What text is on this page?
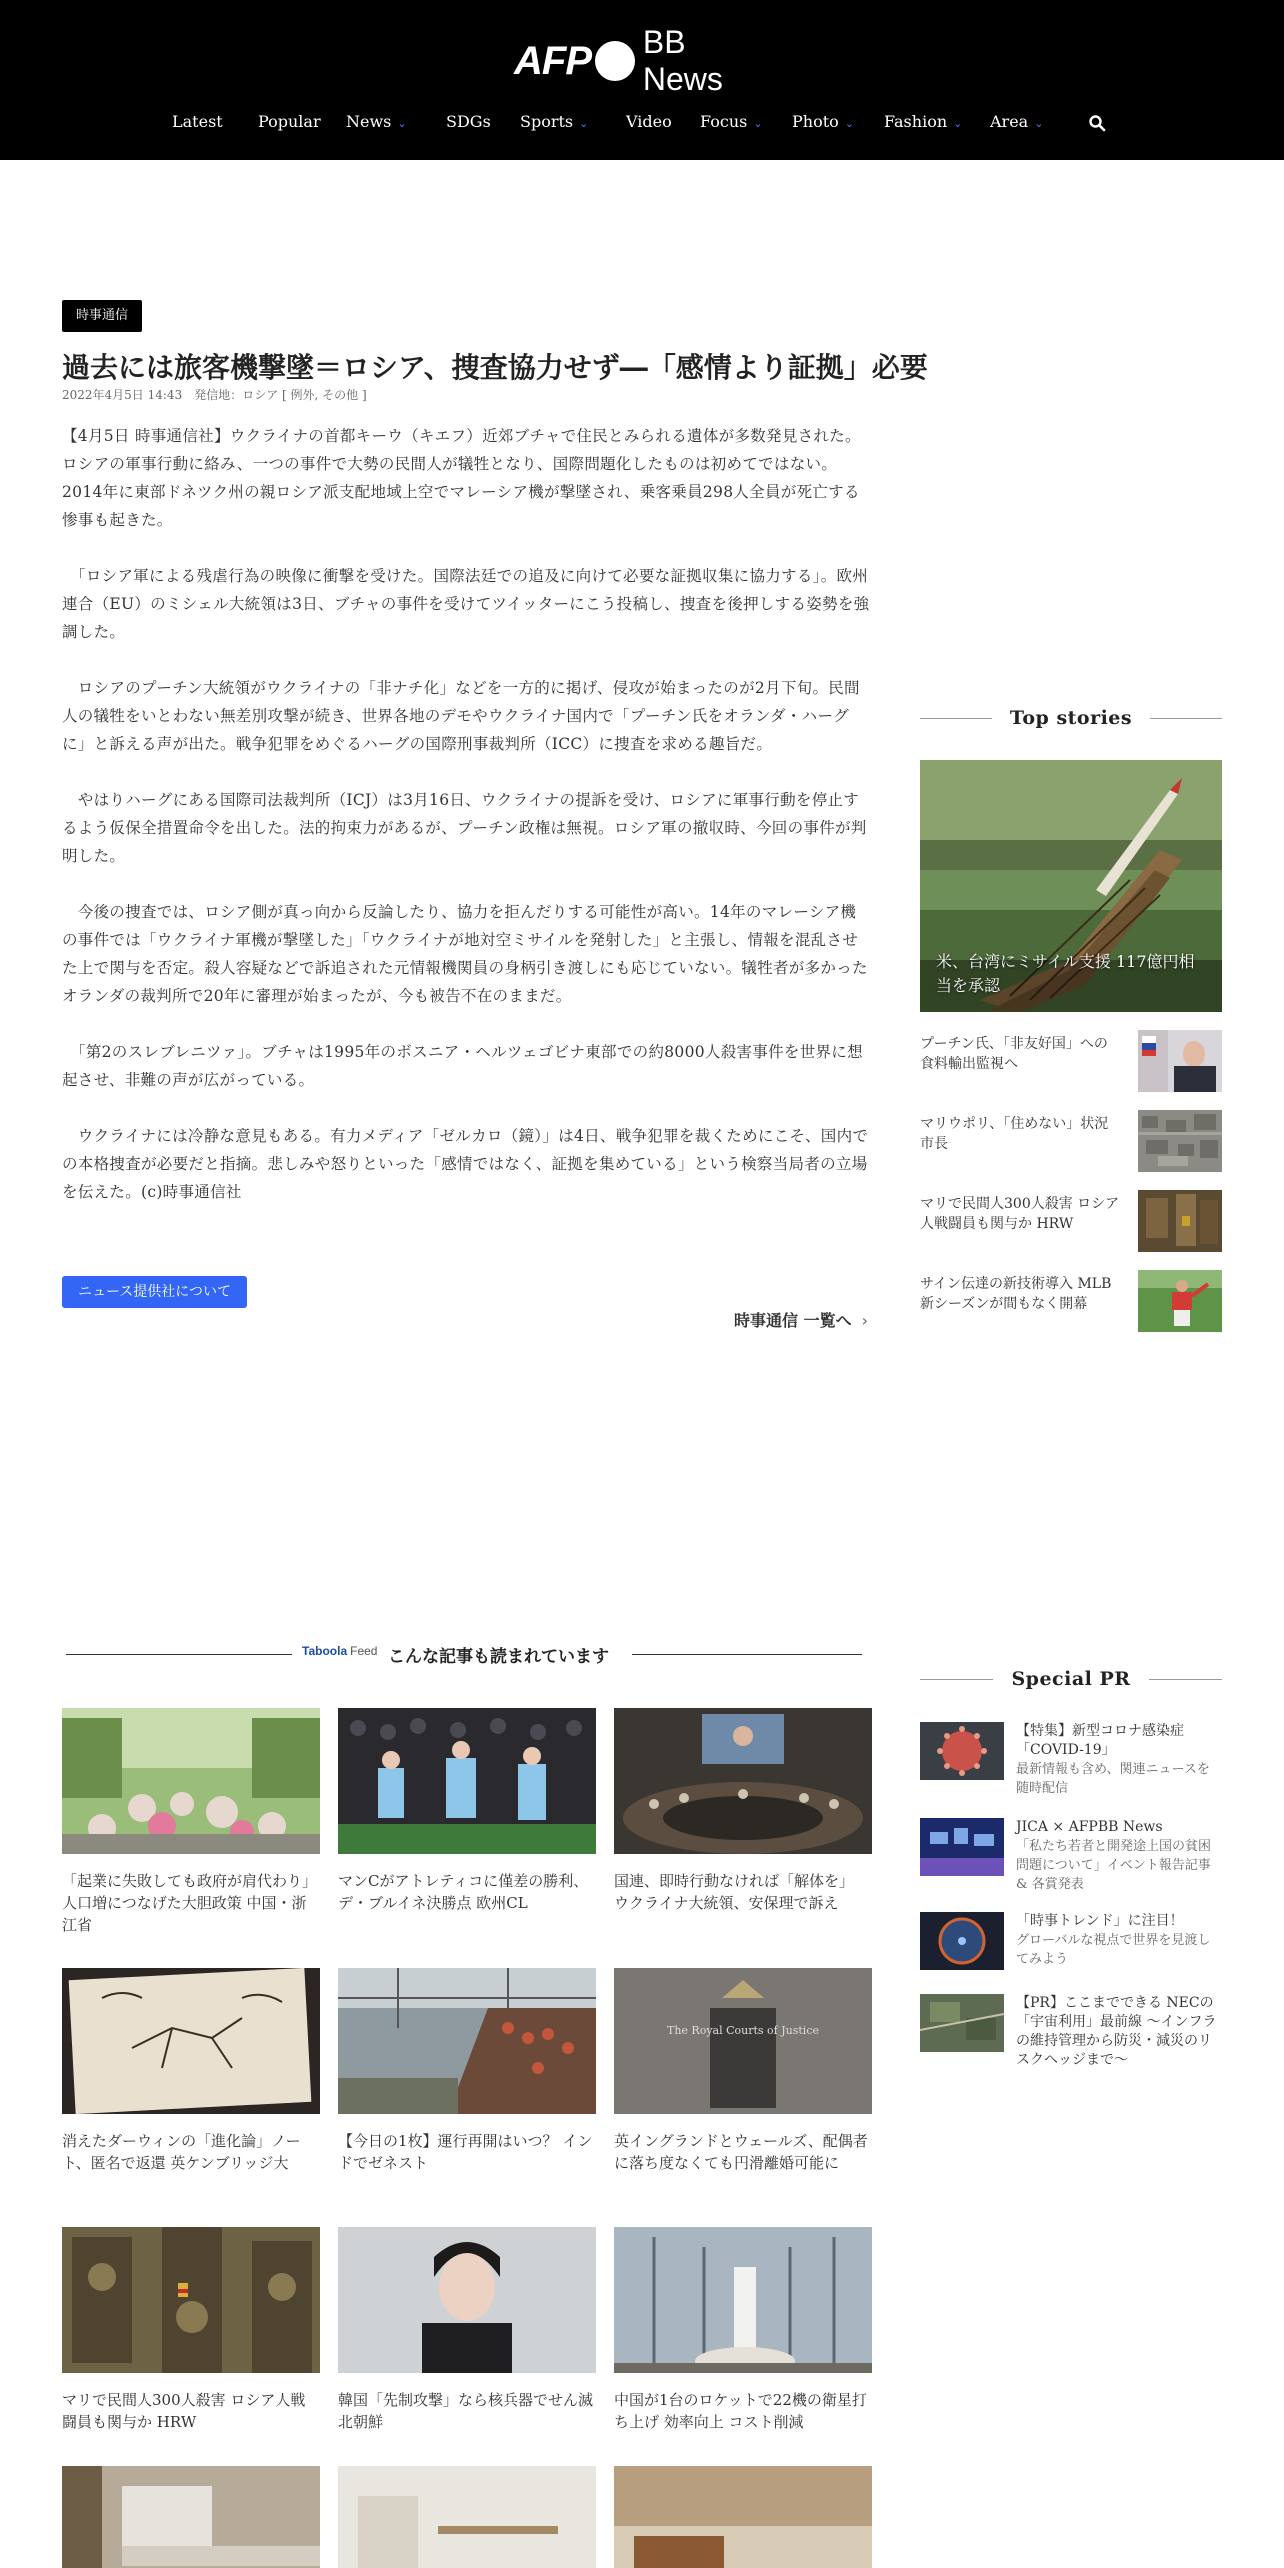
AFP BB News
Latest Popular News ⌄ SDGs Sports ⌄ Video Focus ⌄ Photo ⌄ Fashion ⌄ Area ⌄
時事通信
過去には旅客機撃墜＝ロシア、捜査協力せず―「感情より証拠」必要
2022年4月5日 14:43　発信地：ロシア [ 例外, その他 ]

【4月5日 時事通信社】ウクライナの首都キーウ（キエフ）近郊ブチャで住民とみられる遺体が多数発見された。ロシアの軍事行動に絡み、一つの事件で大勢の民間人が犠牲となり、国際問題化したものは初めてではない。2014年に東部ドネツク州の親ロシア派支配地域上空でマレーシア機が撃墜され、乗客乗員298人全員が死亡する惨事も起きた。

　「ロシア軍による残虐行為の映像に衝撃を受けた。国際法廷での追及に向けて必要な証拠収集に協力する」。欧州連合（EU）のミシェル大統領は3日、ブチャの事件を受けてツイッターにこう投稿し、捜査を後押しする姿勢を強調した。

　ロシアのプーチン大統領がウクライナの「非ナチ化」などを一方的に掲げ、侵攻が始まったのが2月下旬。民間人の犠牲をいとわない無差別攻撃が続き、世界各地のデモやウクライナ国内で「プーチン氏をオランダ・ハーグに」と訴える声が出た。戦争犯罪をめぐるハーグの国際刑事裁判所（ICC）に捜査を求める趣旨だ。

　やはりハーグにある国際司法裁判所（ICJ）は3月16日、ウクライナの提訴を受け、ロシアに軍事行動を停止するよう仮保全措置命令を出した。法的拘束力があるが、プーチン政権は無視。ロシア軍の撤収時、今回の事件が判明した。

　今後の捜査では、ロシア側が真っ向から反論したり、協力を拒んだりする可能性が高い。14年のマレーシア機の事件では「ウクライナ軍機が撃墜した」「ウクライナが地対空ミサイルを発射した」と主張し、情報を混乱させた上で関与を否定。殺人容疑などで訴追された元情報機関員の身柄引き渡しにも応じていない。犠牲者が多かったオランダの裁判所で20年に審理が始まったが、今も被告不在のままだ。

　「第2のスレブレニツァ」。ブチャは1995年のボスニア・ヘルツェゴビナ東部での約8000人殺害事件を世界に想起させ、非難の声が広がっている。

　ウクライナには冷静な意見もある。有力メディア「ゼルカロ（鏡）」は4日、戦争犯罪を裁くためにこそ、国内での本格捜査が必要だと指摘。悲しみや怒りといった「感情ではなく、証拠を集めている」という検察当局者の立場を伝えた。(c)時事通信社

ニュース提供社について
時事通信 一覧へ ›
Top stories
米、台湾にミサイル支援 117億円相当を承認
プーチン氏、「非友好国」への食料輸出監視へ
マリウポリ、「住めない」状況 市長
マリで民間人300人殺害 ロシア人戦闘員も関与か HRW
サイン伝達の新技術導入 MLB新シーズンが間もなく開幕
Taboola Feed こんな記事も読まれています
「起業に失敗しても政府が肩代わり」人口増につなげた大胆政策 中国・浙江省
マンCがアトレティコに僅差の勝利、デ・ブルイネ決勝点 欧州CL
国連、即時行動なければ「解体を」 ウクライナ大統領、安保理で訴え
消えたダーウィンの「進化論」ノート、匿名で返還 英ケンブリッジ大
【今日の1枚】運行再開はいつ？ インドでゼネスト
The Royal Courts of Justice
英イングランドとウェールズ、配偶者に落ち度なくても円滑離婚可能に
マリで民間人300人殺害 ロシア人戦闘員も関与か HRW
韓国「先制攻撃」なら核兵器でせん滅 北朝鮮
中国が1台のロケットで22機の衛星打ち上げ 効率向上 コスト削減
Special PR
【特集】新型コロナ感染症「COVID-19」
最新情報も含め、関連ニュースを随時配信
JICA × AFPBB News
「私たち若者と開発途上国の貧困問題について」イベント報告記事 & 各賞発表
「時事トレンド」に注目！
グローバルな視点で世界を見渡してみよう
【PR】ここまでできる NECの「宇宙利用」最前線 ～インフラの維持管理から防災・減災のリスクヘッジまで～
